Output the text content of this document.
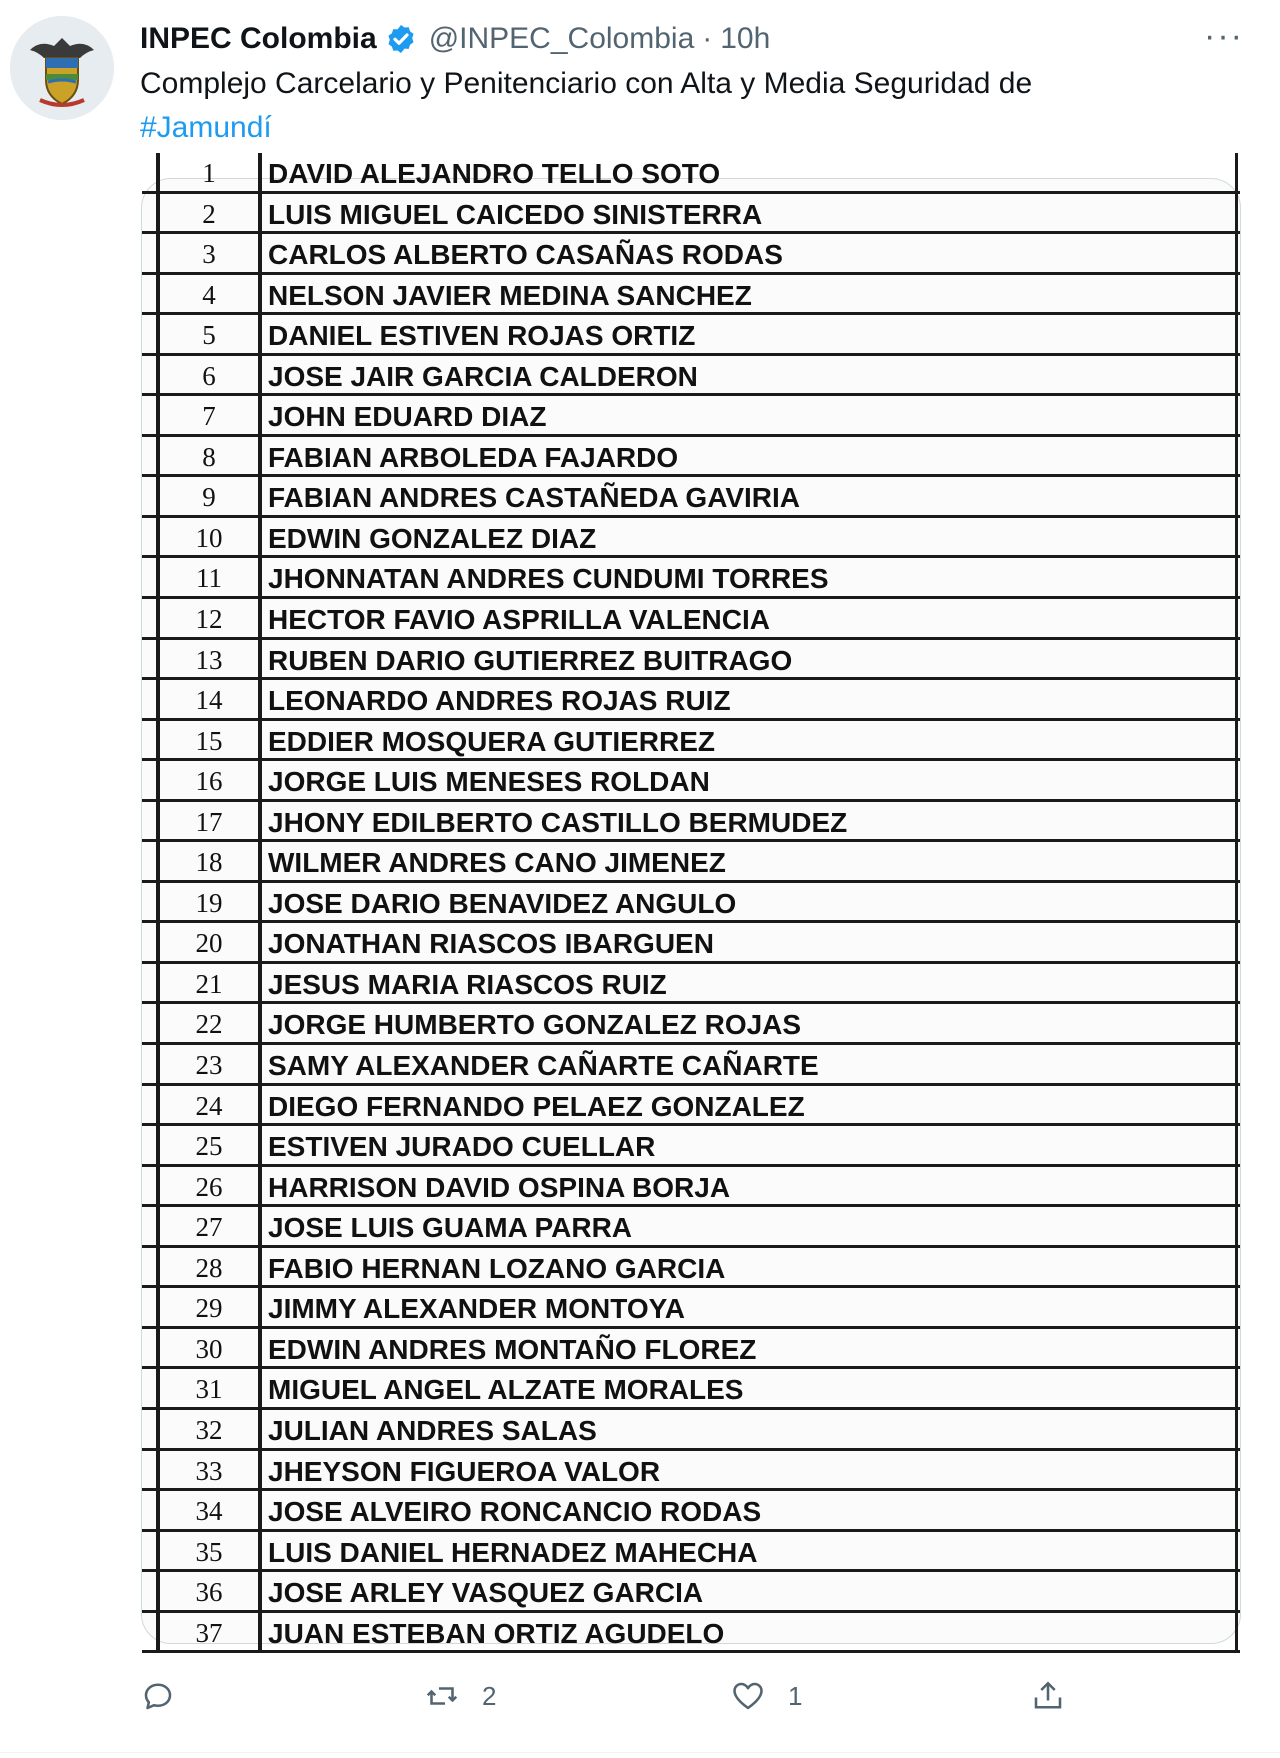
INPEC Colombia @INPEC_Colombia · 10h	···
Complejo Carcelario y Penitenciario con Alta y Media Seguridad de
#Jamundí
1	DAVID ALEJANDRO TELLO SOTO
2	LUIS MIGUEL CAICEDO SINISTERRA
3	CARLOS ALBERTO CASAÑAS RODAS
4	NELSON JAVIER MEDINA SANCHEZ
5	DANIEL ESTIVEN ROJAS ORTIZ
6	JOSE JAIR GARCIA CALDERON
7	JOHN EDUARD DIAZ
8	FABIAN ARBOLEDA FAJARDO
9	FABIAN ANDRES CASTAÑEDA GAVIRIA
10	EDWIN GONZALEZ DIAZ
11	JHONNATAN ANDRES CUNDUMI TORRES
12	HECTOR FAVIO ASPRILLA VALENCIA
13	RUBEN DARIO GUTIERREZ BUITRAGO
14	LEONARDO ANDRES ROJAS RUIZ
15	EDDIER MOSQUERA GUTIERREZ
16	JORGE LUIS MENESES ROLDAN
17	JHONY EDILBERTO CASTILLO BERMUDEZ
18	WILMER ANDRES CANO JIMENEZ
19	JOSE DARIO BENAVIDEZ ANGULO
20	JONATHAN RIASCOS IBARGUEN
21	JESUS MARIA RIASCOS RUIZ
22	JORGE HUMBERTO GONZALEZ ROJAS
23	SAMY ALEXANDER CAÑARTE CAÑARTE
24	DIEGO FERNANDO PELAEZ GONZALEZ
25	ESTIVEN JURADO CUELLAR
26	HARRISON DAVID OSPINA BORJA
27	JOSE LUIS GUAMA PARRA
28	FABIO HERNAN LOZANO GARCIA
29	JIMMY ALEXANDER MONTOYA
30	EDWIN ANDRES MONTAÑO FLOREZ
31	MIGUEL ANGEL ALZATE MORALES
32	JULIAN ANDRES SALAS
33	JHEYSON FIGUEROA VALOR
34	JOSE ALVEIRO RONCANCIO RODAS
35	LUIS DANIEL HERNADEZ MAHECHA
36	JOSE ARLEY VASQUEZ GARCIA
37	JUAN ESTEBAN ORTIZ AGUDELO
2	1
